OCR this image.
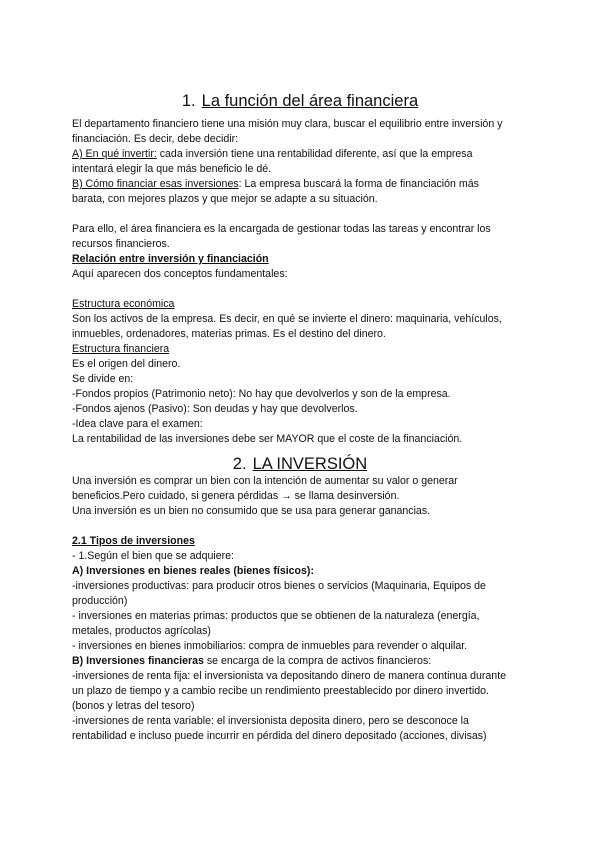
1. La función del área financiera

El departamento financiero tiene una misión muy clara, buscar el equilibrio entre inversión y

financiación. Es decir, debe decidir:

A) En qué invertir: cada inversión tiene una rentabilidad diferente, así que la empresa

intentará elegir la que más beneficio le dé.

B) Cómo financiar esas inversiones: La empresa buscará la forma de financiación más

barata, con mejores plazos y que mejor se adapte a su situación.

Para ello, el área financiera es la encargada de gestionar todas las tareas y encontrar los

recursos financieros.

Relación entre inversión y financiación

Aquí aparecen dos conceptos fundamentales:

Estructura económica

Son los activos de la empresa. Es decir, en qué se invierte el dinero: maquinaria, vehículos,

inmuebles, ordenadores, materias primas. Es el destino del dinero.

Estructura financiera

Es el origen del dinero.

Se divide en:

-Fondos propios (Patrimonio neto): No hay que devolverlos y son de la empresa.

-Fondos ajenos (Pasivo): Son deudas y hay que devolverlos.

-Idea clave para el examen:

La rentabilidad de las inversiones debe ser MAYOR que el coste de la financiación.

2. LA INVERSIÓN

Una inversión es comprar un bien con la intención de aumentar su valor o generar

beneficios.Pero cuidado, si genera pérdidas → se llama desinversión.

Una inversión es un bien no consumido que se usa para generar ganancias.

2.1 Tipos de inversiones

- 1.Según el bien que se adquiere:

A) Inversiones en bienes reales (bienes físicos):

-inversiones productivas: para producir otros bienes o servicios (Maquinaria, Equipos de

producción)

- inversiones en materias primas: productos que se obtienen de la naturaleza (energía,

metales, productos agrícolas)

- inversiones en bienes inmobiliarios: compra de inmuebles para revender o alquilar.

B) Inversiones financieras se encarga de la compra de activos financieros:

-inversiones de renta fija: el inversionista va depositando dinero de manera continua durante

un plazo de tiempo y a cambio recibe un rendimiento preestablecido por dinero invertido.

(bonos y letras del tesoro)

-inversiones de renta variable: el inversionista deposita dinero, pero se desconoce la

rentabilidad e incluso puede incurrir en pérdida del dinero depositado (acciones, divisas)
